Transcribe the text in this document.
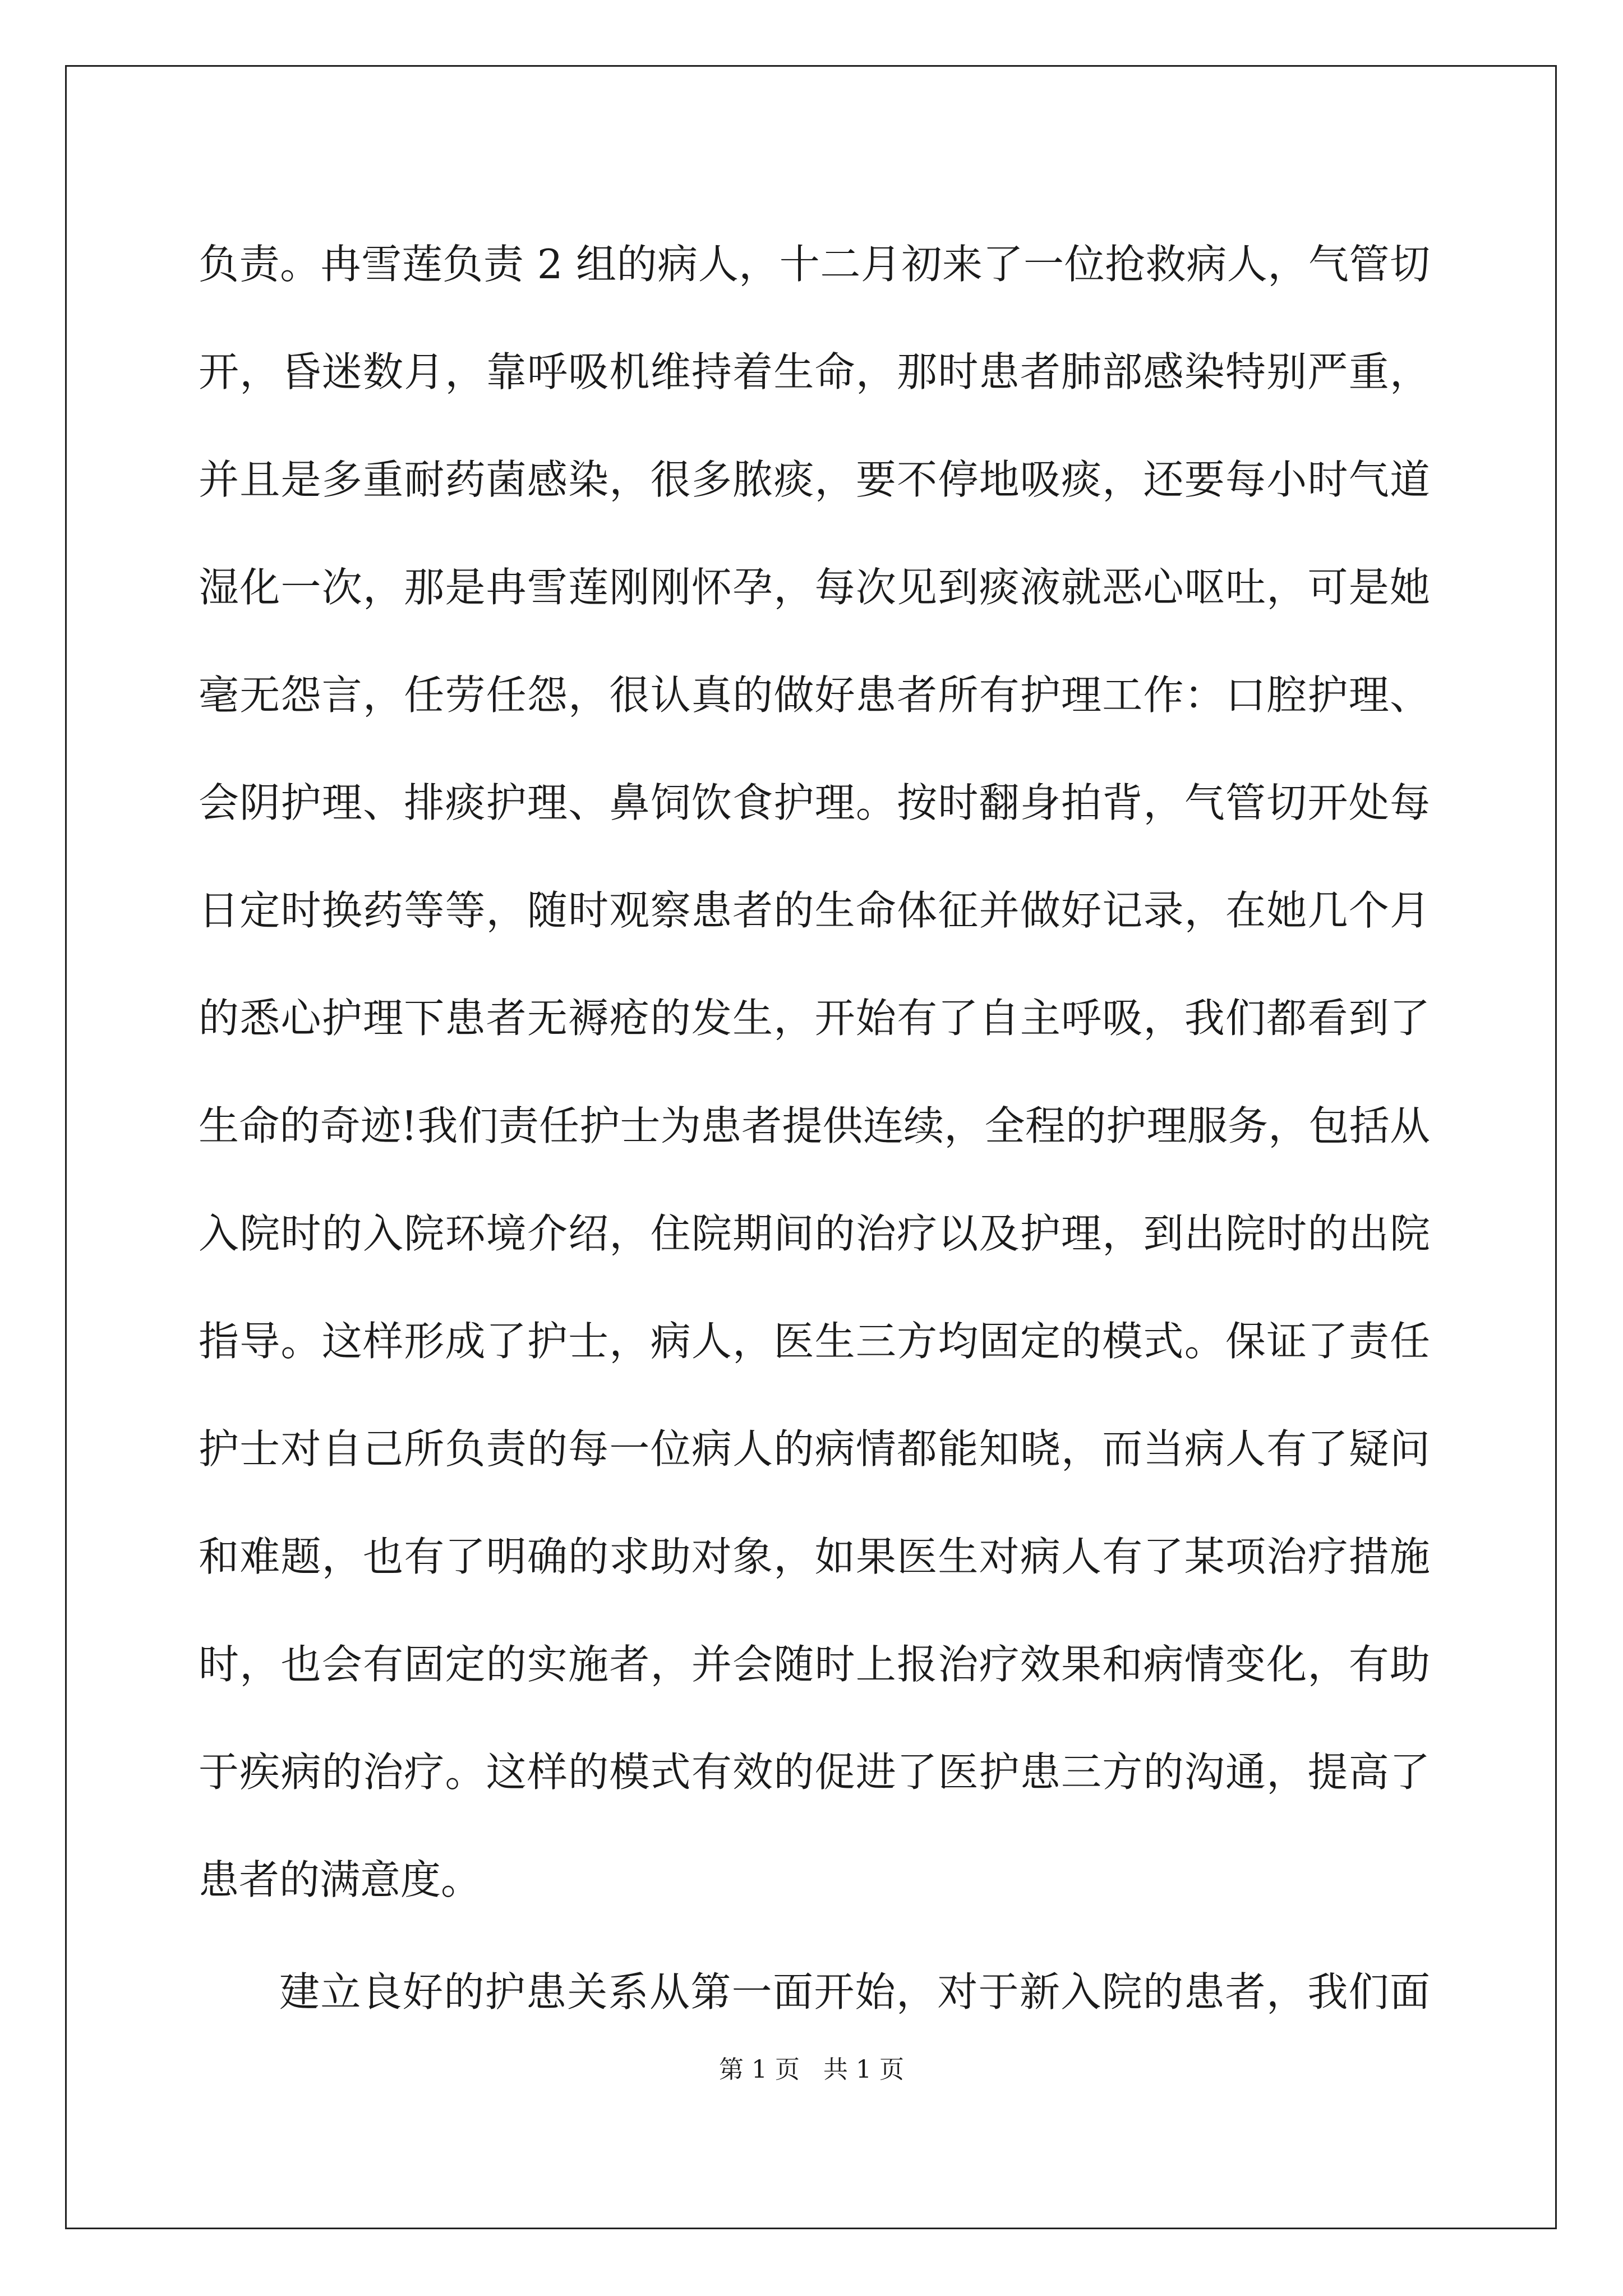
负责。冉雪莲负责 2 组的病人，十二月初来了一位抢救病人，气管切
开，昏迷数月，靠呼吸机维持着生命，那时患者肺部感染特别严重，
并且是多重耐药菌感染，很多脓痰，要不停地吸痰，还要每小时气道
湿化一次，那是冉雪莲刚刚怀孕，每次见到痰液就恶心呕吐，可是她
毫无怨言，任劳任怨，很认真的做好患者所有护理工作：口腔护理、
会阴护理、排痰护理、鼻饲饮食护理。按时翻身拍背，气管切开处每
日定时换药等等，随时观察患者的生命体征并做好记录，在她几个月
的悉心护理下患者无褥疮的发生，开始有了自主呼吸，我们都看到了
生命的奇迹!我们责任护士为患者提供连续，全程的护理服务，包括从
入院时的入院环境介绍，住院期间的治疗以及护理，到出院时的出院
指导。这样形成了护士，病人，医生三方均固定的模式。保证了责任
护士对自己所负责的每一位病人的病情都能知晓，而当病人有了疑问
和难题，也有了明确的求助对象，如果医生对病人有了某项治疗措施
时，也会有固定的实施者，并会随时上报治疗效果和病情变化，有助
于疾病的治疗。这样的模式有效的促进了医护患三方的沟通，提高了
患者的满意度。
建立良好的护患关系从第一面开始，对于新入院的患者，我们面
第 1 页   共 1 页
